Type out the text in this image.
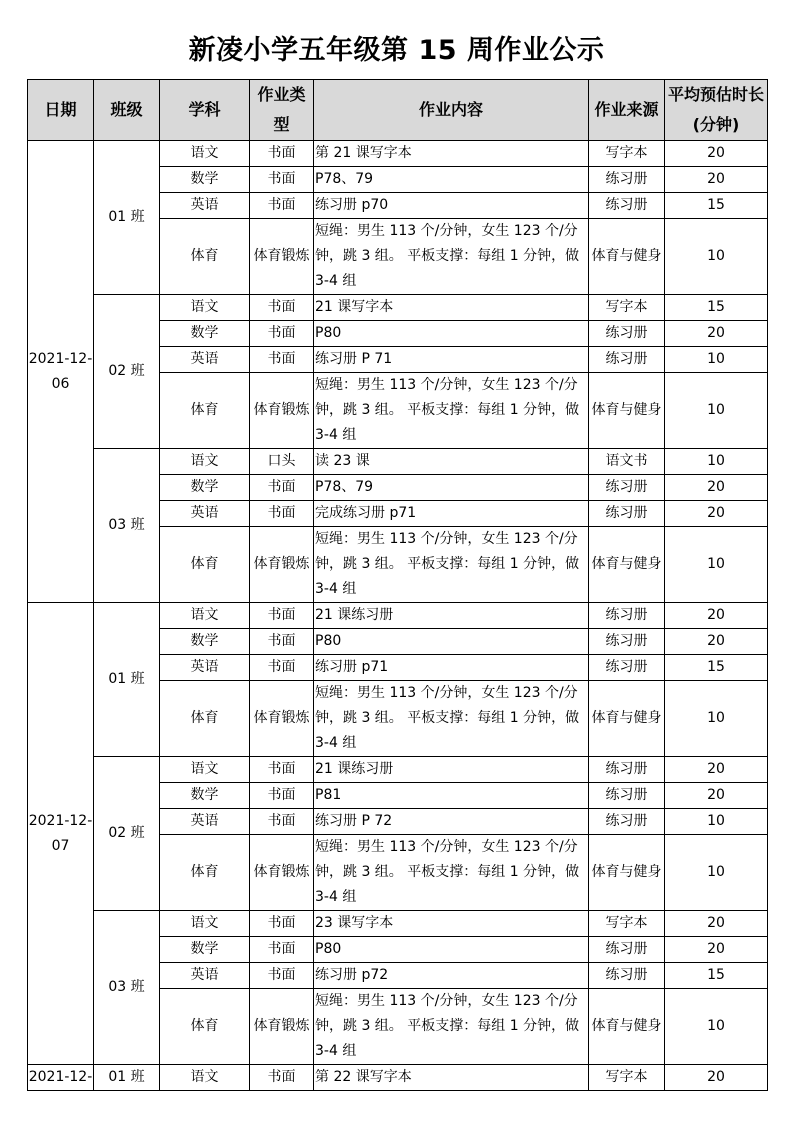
新凌小学五年级第 15 周作业公示
日期	班级	学科	作业类型	作业内容	作业来源	平均预估时长(分钟)
2021-12-06	01 班	语文	书面	第 21 课写字本	写字本	20
		数学	书面	P78、79	练习册	20
		英语	书面	练习册 p70	练习册	15
		体育	体育锻炼	短绳：男生 113 个/分钟，女生 123 个/分钟，跳 3 组。 平板支撑：每组 1 分钟，做 3-4 组	体育与健身	10
	02 班	语文	书面	21 课写字本	写字本	15
		数学	书面	P80	练习册	20
		英语	书面	练习册 P 71	练习册	10
		体育	体育锻炼	短绳：男生 113 个/分钟，女生 123 个/分钟，跳 3 组。 平板支撑：每组 1 分钟，做 3-4 组	体育与健身	10
	03 班	语文	口头	读 23 课	语文书	10
		数学	书面	P78、79	练习册	20
		英语	书面	完成练习册 p71	练习册	20
		体育	体育锻炼	短绳：男生 113 个/分钟，女生 123 个/分钟，跳 3 组。 平板支撑：每组 1 分钟，做 3-4 组	体育与健身	10
2021-12-07	01 班	语文	书面	21 课练习册	练习册	20
		数学	书面	P80	练习册	20
		英语	书面	练习册 p71	练习册	15
		体育	体育锻炼	短绳：男生 113 个/分钟，女生 123 个/分钟，跳 3 组。 平板支撑：每组 1 分钟，做 3-4 组	体育与健身	10
	02 班	语文	书面	21 课练习册	练习册	20
		数学	书面	P81	练习册	20
		英语	书面	练习册 P 72	练习册	10
		体育	体育锻炼	短绳：男生 113 个/分钟，女生 123 个/分钟，跳 3 组。 平板支撑：每组 1 分钟，做 3-4 组	体育与健身	10
	03 班	语文	书面	23 课写字本	写字本	20
		数学	书面	P80	练习册	20
		英语	书面	练习册 p72	练习册	15
		体育	体育锻炼	短绳：男生 113 个/分钟，女生 123 个/分钟，跳 3 组。 平板支撑：每组 1 分钟，做 3-4 组	体育与健身	10
2021-12-	01 班	语文	书面	第 22 课写字本	写字本	20
